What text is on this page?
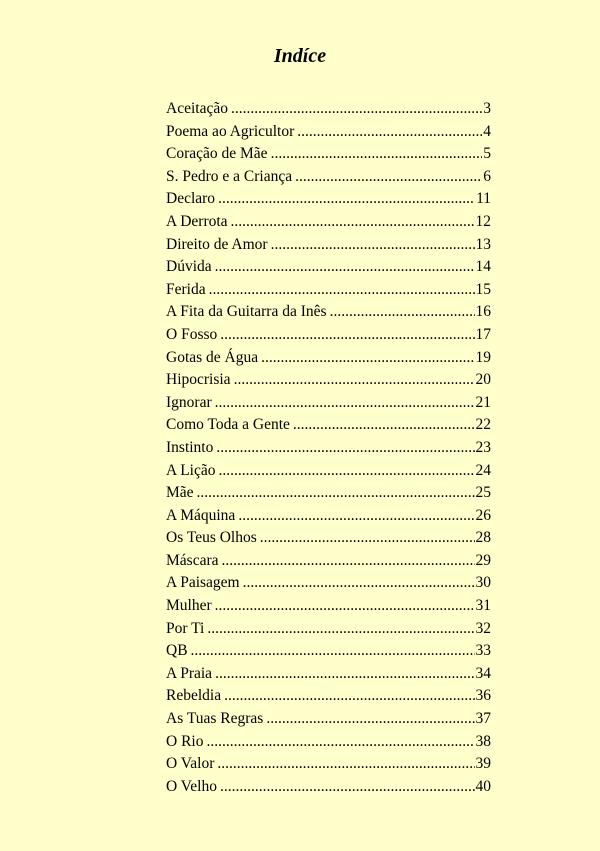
Indíce
Aceitação .....	3
Poema ao Agricultor .....	4
Coração de Mãe .....	5
S. Pedro e a Criança .....	6
Declaro .....	11
A Derrota .....	12
Direito de Amor .....	13
Dúvida .....	14
Ferida .....	15
A Fita da Guitarra da Inês .....	16
O Fosso .....	17
Gotas de Água .....	19
Hipocrisia .....	20
Ignorar .....	21
Como Toda a Gente .....	22
Instinto .....	23
A Lição .....	24
Mãe .....	25
A Máquina .....	26
Os Teus Olhos .....	28
Máscara .....	29
A Paisagem .....	30
Mulher .....	31
Por Ti .....	32
QB .....	33
A Praia .....	34
Rebeldia .....	36
As Tuas Regras .....	37
O Rio .....	38
O Valor .....	39
O Velho .....	40
